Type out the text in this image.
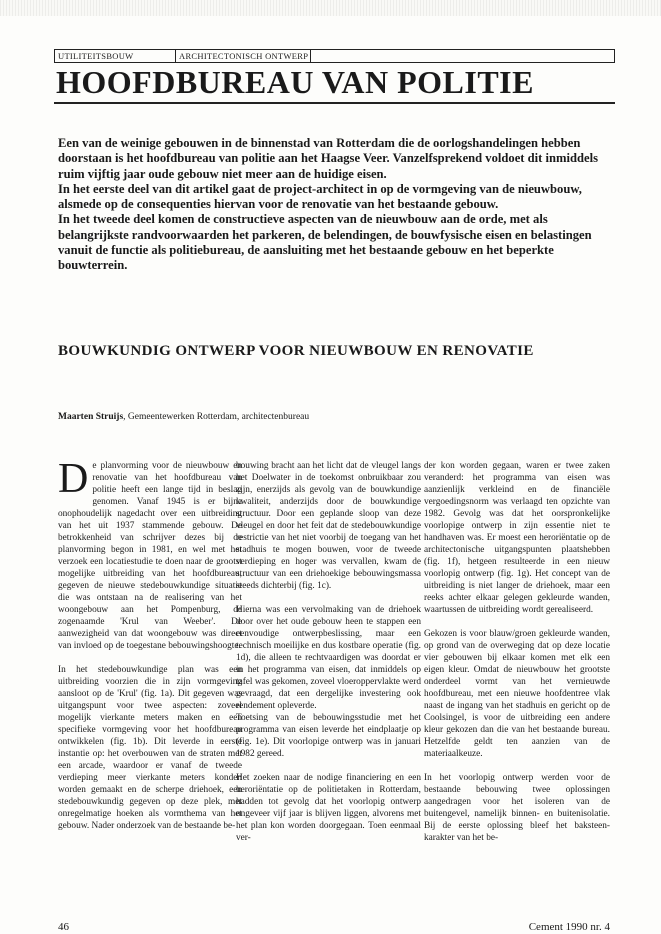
UTILITEITSBOUW	ARCHITECTONISCH ONTWERP
HOOFDBUREAU VAN POLITIE

Een van de weinige gebouwen in de binnenstad van Rotterdam die de oorlogshandelingen hebben doorstaan is het hoofdbureau van politie aan het Haagse Veer. Vanzelfsprekend voldoet dit inmiddels ruim vijftig jaar oude gebouw niet meer aan de huidige eisen.

In het eerste deel van dit artikel gaat de project-architect in op de vormgeving van de nieuwbouw, alsmede op de consequenties hiervan voor de renovatie van het bestaande gebouw.

In het tweede deel komen de constructieve aspecten van de nieuwbouw aan de orde, met als belangrijkste randvoorwaarden het parkeren, de belendingen, de bouwfysische eisen en belastingen vanuit de functie als politiebureau, de aansluiting met het bestaande gebouw en het beperkte bouwterrein.

BOUWKUNDIG ONTWERP VOOR NIEUWBOUW EN RENOVATIE
Maarten Struijs, Gemeentewerken Rotterdam, architectenbureau

De planvorming voor de nieuwbouw en renovatie van het hoofdbureau van politie heeft een lange tijd in beslag genomen. Vanaf 1945 is er bijna onophoudelijk nagedacht over een uitbreiding van het uit 1937 stammende gebouw. De betrokkenheid van schrijver dezes bij de planvorming begon in 1981, en wel met het verzoek een locatiestudie te doen naar de grootst mogelijke uitbreiding van het hoofdbureau, gegeven de nieuwe stedebouwkundige situatie die was ontstaan na de realisering van het woongebouw aan het Pompenburg, de zogenaamde 'Krul van Weeber'. De aanwezigheid van dat woongebouw was direct van invloed op de toegestane bebouwingshoogte.

In het stedebouwkundige plan was een uitbreiding voorzien die in zijn vormgeving aansloot op de 'Krul' (fig. 1a). Dit gegeven was uitgangspunt voor twee aspecten: zoveel mogelijk vierkante meters maken en een specifieke vormgeving voor het hoofdbureau ontwikkelen (fig. 1b). Dit leverde in eerste instantie op: het overbouwen van de straten met een arcade, waardoor er vanaf de tweede verdieping meer vierkante meters konden worden gemaakt en de scherpe driehoek, een stedebouwkundig gegeven op deze plek, met onregelmatige hoeken als vormthema van het gebouw. Nader onderzoek van de bestaande be-

bouwing bracht aan het licht dat de vleugel langs het Doelwater in de toekomst onbruikbaar zou zijn, enerzijds als gevolg van de bouwkundige kwaliteit, anderzijds door de bouwkundige structuur. Door een geplande sloop van deze vleugel en door het feit dat de stedebouwkundige restrictie van het niet voorbij de toegang van het stadhuis te mogen bouwen, voor de tweede verdieping en hoger was vervallen, kwam de structuur van een driehoekige bebouwingsmassa steeds dichterbij (fig. 1c).

Hierna was een vervolmaking van de driehoek door over het oude gebouw heen te stappen een eenvoudige ontwerpbeslissing, maar een technisch moeilijke en dus kostbare operatie (fig. 1d), die alleen te rechtvaardigen was doordat er in het programma van eisen, dat inmiddels op tafel was gekomen, zoveel vloeroppervlakte werd gevraagd, dat een dergelijke investering ook rendement opleverde.

Toetsing van de bebouwingsstudie met het programma van eisen leverde het eindplaatje op (fig. 1e). Dit voorlopige ontwerp was in januari 1982 gereed.

Het zoeken naar de nodige financiering en een heroriëntatie op de politietaken in Rotterdam, hadden tot gevolg dat het voorlopig ontwerp ongeveer vijf jaar is blijven liggen, alvorens met het plan kon worden doorgegaan. Toen eenmaal ver-

der kon worden gegaan, waren er twee zaken veranderd: het programma van eisen was aanzienlijk verkleind en de financiële vergoedingsnorm was verlaagd ten opzichte van 1982. Gevolg was dat het oorspronkelijke voorlopige ontwerp in zijn essentie niet te handhaven was. Er moest een heroriëntatie op de architectonische uitgangspunten plaatshebben (fig. 1f), hetgeen resulteerde in een nieuw voorlopig ontwerp (fig. 1g). Het concept van de uitbreiding is niet langer de driehoek, maar een reeks achter elkaar gelegen gekleurde wanden, waartussen de uitbreiding wordt gerealiseerd.

Gekozen is voor blauw/groen gekleurde wanden, op grond van de overweging dat op deze locatie vier gebouwen bij elkaar komen met elk een eigen kleur. Omdat de nieuwbouw het grootste onderdeel vormt van het vernieuwde hoofdbureau, met een nieuwe hoofdentree vlak naast de ingang van het stadhuis en gericht op de Coolsingel, is voor de uitbreiding een andere kleur gekozen dan die van het bestaande bureau. Hetzelfde geldt ten aanzien van de materiaalkeuze.

In het voorlopig ontwerp werden voor de bestaande bebouwing twee oplossingen aangedragen voor het isoleren van de buitengevel, namelijk binnen- en buitenisolatie. Bij de eerste oplossing bleef het baksteen-karakter van het be-

46	Cement 1990 nr. 4
